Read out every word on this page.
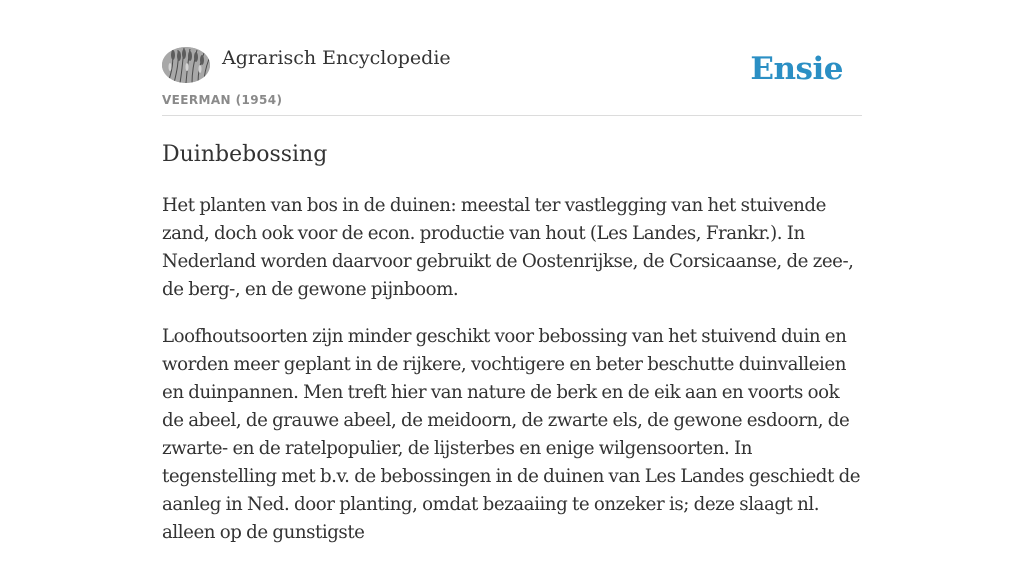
Agrarisch Encyclopedie
VEERMAN (1954)
Ensie
Duinbebossing

Het planten van bos in de duinen: meestal ter vastlegging van het stuivende zand, doch ook voor de econ. productie van hout (Les Landes, Frankr.). In Nederland worden daarvoor gebruikt de Oostenrijkse, de Corsicaanse, de zee-, de berg-, en de gewone pijnboom.

Loofhoutsoorten zijn minder geschikt voor bebossing van het stuivend duin en worden meer geplant in de rijkere, vochtigere en beter beschutte duinvalleien en duinpannen. Men treft hier van nature de berk en de eik aan en voorts ook de abeel, de grauwe abeel, de meidoorn, de zwarte els, de gewone esdoorn, de zwarte- en de ratelpopulier, de lijsterbes en enige wilgensoorten. In tegenstelling met b.v. de bebossingen in de duinen van Les Landes geschiedt de aanleg in Ned. door planting, omdat bezaaiing te onzeker is; deze slaagt nl. alleen op de gunstigste
